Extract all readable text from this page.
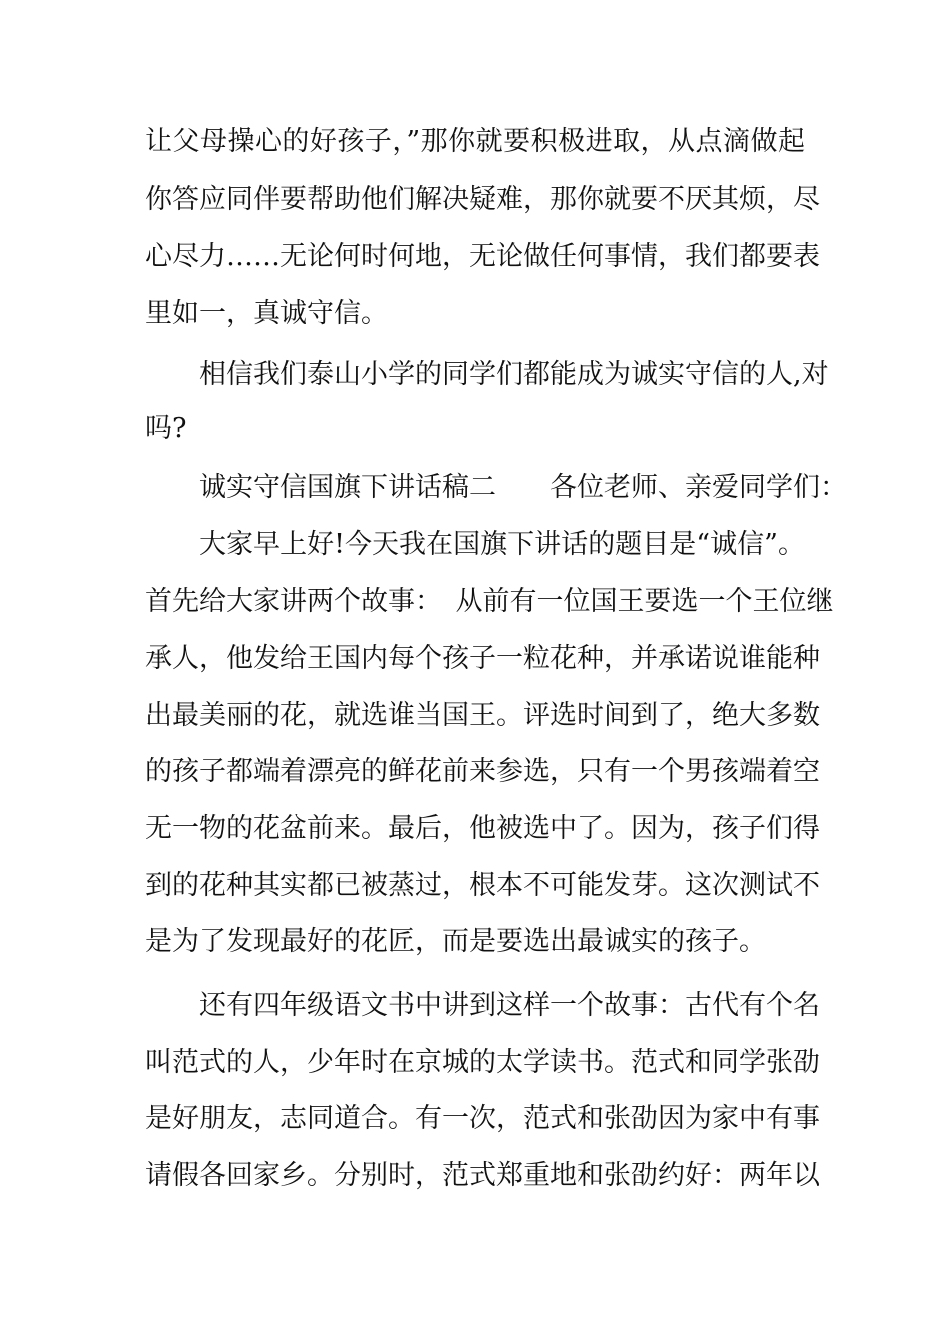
让父母操心的好孩子，”那你就要积极进取，从点滴做起
你答应同伴要帮助他们解决疑难，那你就要不厌其烦，尽
心尽力……无论何时何地，无论做任何事情，我们都要表
里如一，真诚守信。
相信我们泰山小学的同学们都能成为诚实守信的人,对
吗?
诚实守信国旗下讲话稿二　　各位老师、亲爱同学们：
大家早上好!今天我在国旗下讲话的题目是“诚信”。
首先给大家讲两个故事：　从前有一位国王要选一个王位继
承人，他发给王国内每个孩子一粒花种，并承诺说谁能种
出最美丽的花，就选谁当国王。评选时间到了，绝大多数
的孩子都端着漂亮的鲜花前来参选，只有一个男孩端着空
无一物的花盆前来。最后，他被选中了。因为，孩子们得
到的花种其实都已被蒸过，根本不可能发芽。这次测试不
是为了发现最好的花匠，而是要选出最诚实的孩子。
还有四年级语文书中讲到这样一个故事：古代有个名
叫范式的人，少年时在京城的太学读书。范式和同学张劭
是好朋友，志同道合。有一次，范式和张劭因为家中有事
请假各回家乡。分别时，范式郑重地和张劭约好：两年以
